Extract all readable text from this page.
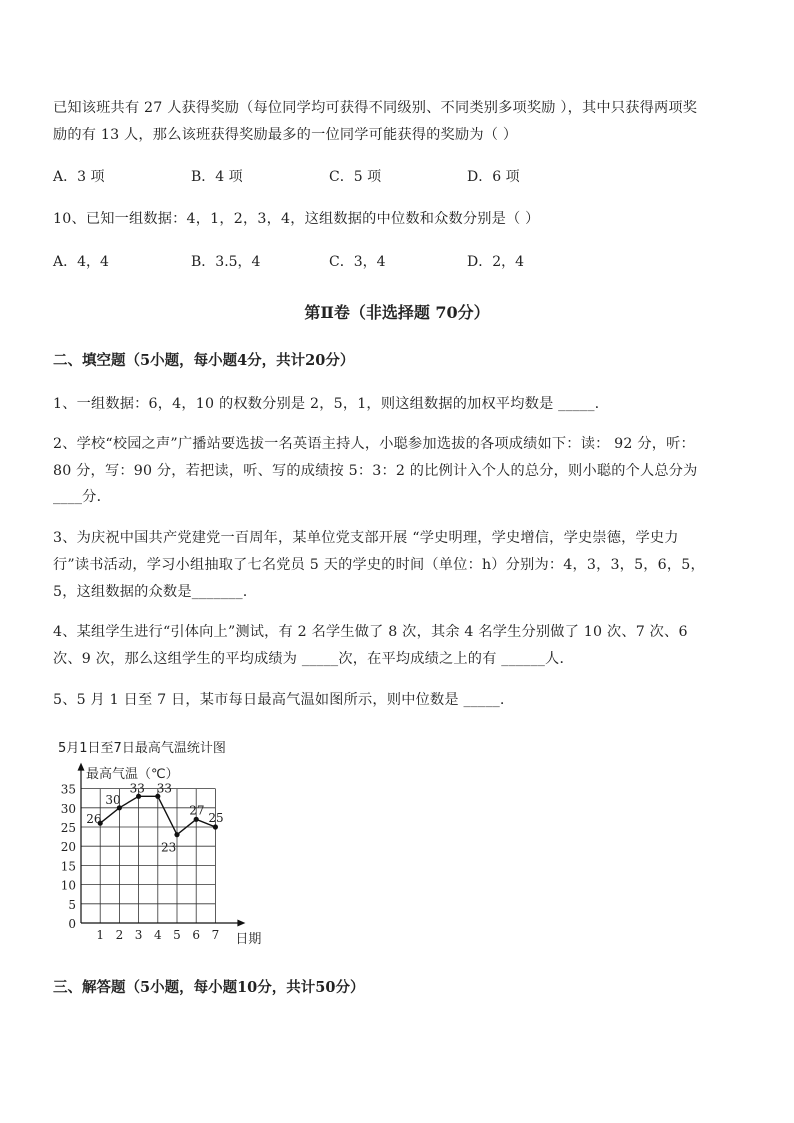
已知该班共有 27 人获得奖励（每位同学均可获得不同级别、不同类别多项奖励 ），其中只获得两项奖
励的有 13 人，那么该班获得奖励最多的一位同学可能获得的奖励为（ ）
A．3 项	B．4 项	C．5 项	D．6 项
10、已知一组数据：4，1，2，3，4，这组数据的中位数和众数分别是（ ）
A．4，4	B．3.5，4	C．3，4	D．2，4
第Ⅱ卷（非选择题 70分）
二、填空题（5小题，每小题4分，共计20分）
1、一组数据：6，4，10 的权数分别是 2，5，1，则这组数据的加权平均数是 _____.
2、学校“校园之声”广播站要选拔一名英语主持人，小聪参加选拔的各项成绩如下：读： 92 分，听：
80 分，写：90 分，若把读，听、写的成绩按 5：3：2 的比例计入个人的总分，则小聪的个人总分为
____分．
3、为庆祝中国共产党建党一百周年，某单位党支部开展 “学史明理，学史增信，学史崇德，学史力
行”读书活动，学习小组抽取了七名党员 5 天的学史的时间（单位：h）分别为：4，3，3，5，6，5，
5，这组数据的众数是_______.
4、某组学生进行“引体向上”测试，有 2 名学生做了 8 次，其余 4 名学生分别做了 10 次、7 次、6
次、9 次，那么这组学生的平均成绩为 _____次，在平均成绩之上的有 ______人．
5、5 月 1 日至 7 日，某市每日最高气温如图所示，则中位数是 _____.
5月1日至7日最高气温统计图
最高气温（℃）
0
5
10
15
20
25
30
35
1 2 3 4 5 6 7 日期
26
30
33 33
23
27
25
三、解答题（5小题，每小题10分，共计50分）
